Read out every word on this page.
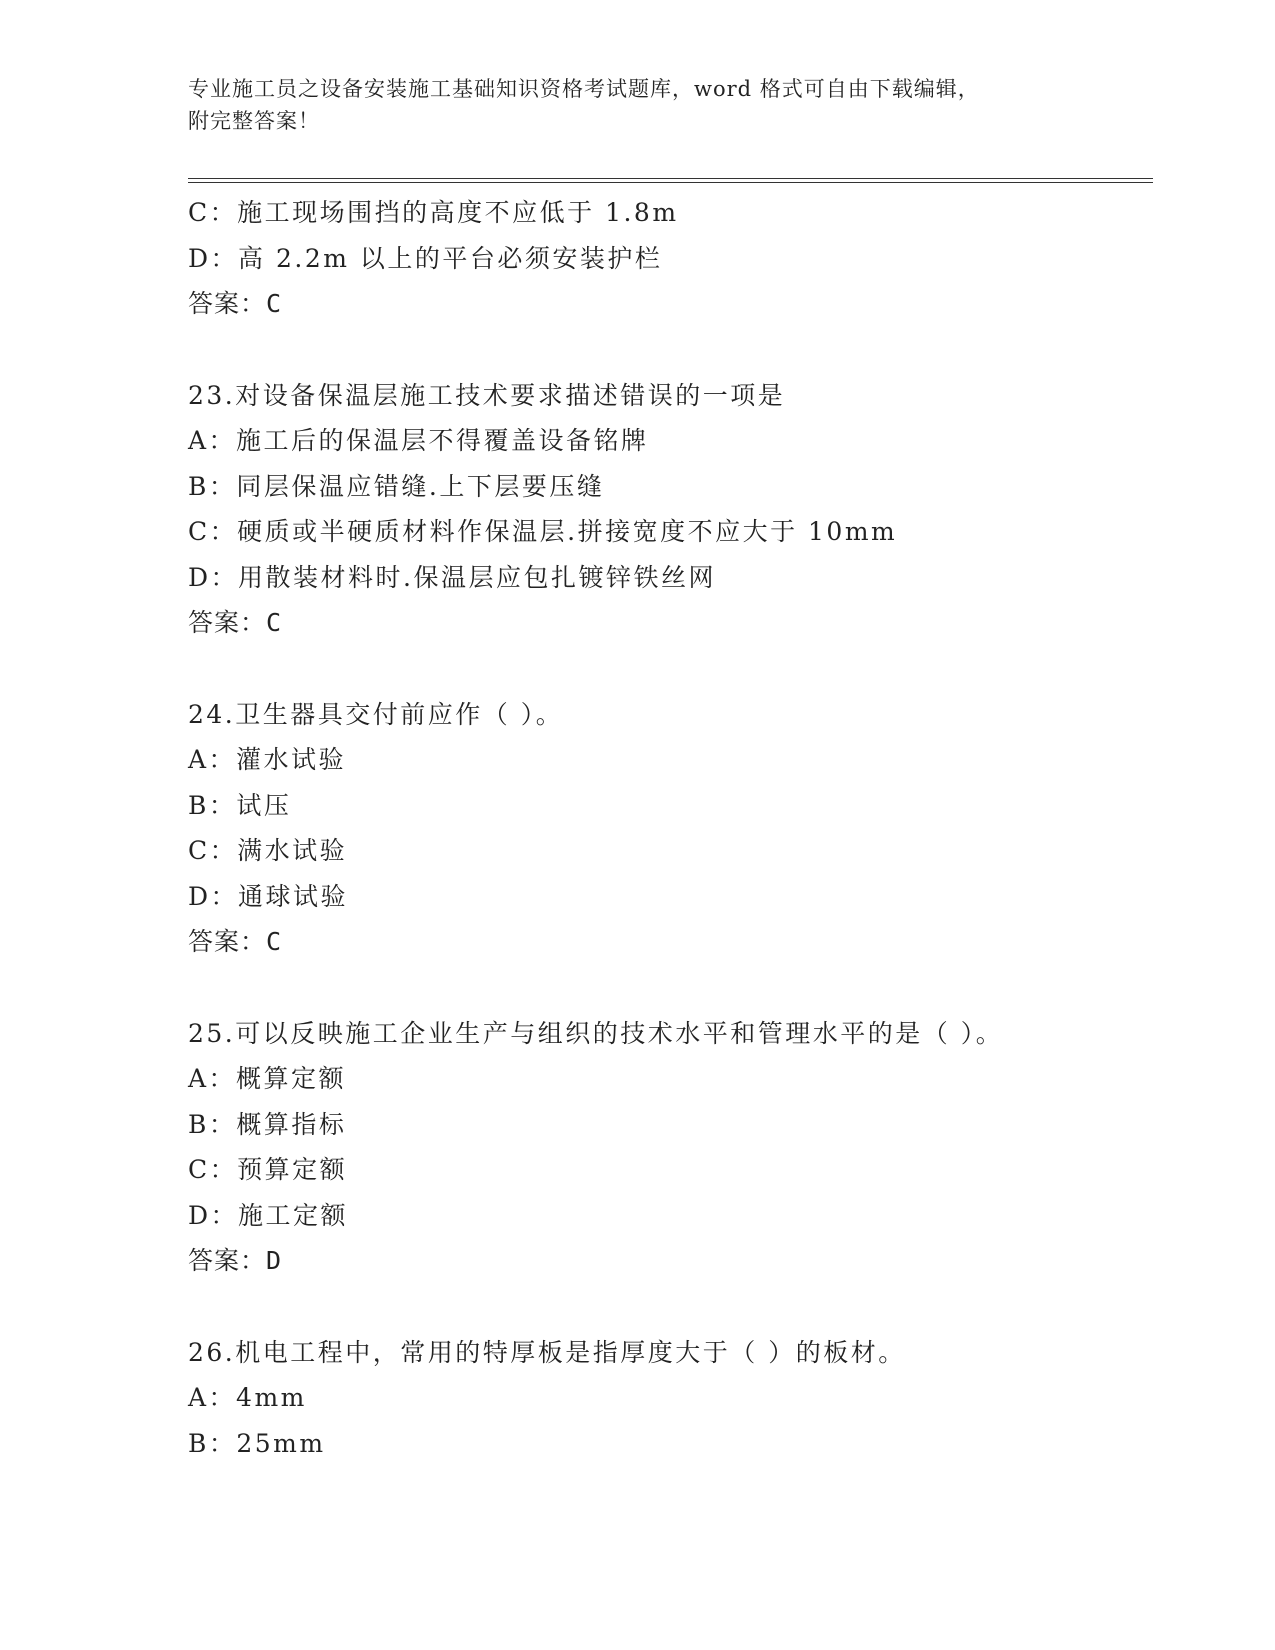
专业施工员之设备安装施工基础知识资格考试题库，word 格式可自由下载编辑，
附完整答案！
C：施工现场围挡的高度不应低于 1.8m
D：高 2.2m 以上的平台必须安装护栏
答案：C
23.对设备保温层施工技术要求描述错误的一项是
A：施工后的保温层不得覆盖设备铭牌
B：同层保温应错缝.上下层要压缝
C：硬质或半硬质材料作保温层.拼接宽度不应大于 10mm
D：用散装材料时.保温层应包扎镀锌铁丝网
答案：C
24.卫生器具交付前应作（ ）。
A：灌水试验
B：试压
C：满水试验
D：通球试验
答案：C
25.可以反映施工企业生产与组织的技术水平和管理水平的是（ ）。
A：概算定额
B：概算指标
C：预算定额
D：施工定额
答案：D
26.机电工程中，常用的特厚板是指厚度大于（ ）的板材。
A：4mm
B：25mm
